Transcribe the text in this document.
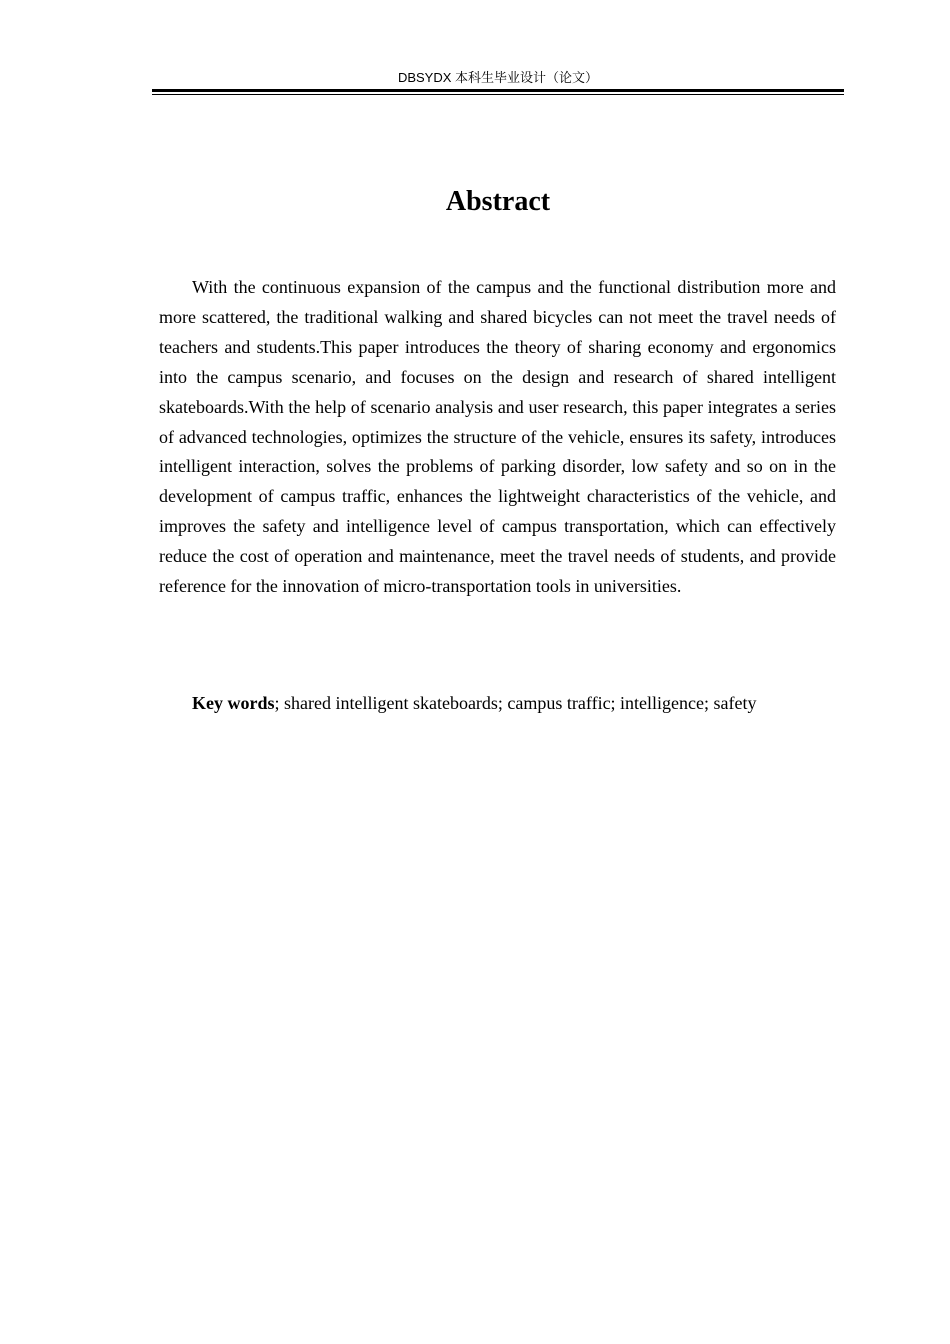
DBSYDX 本科生毕业设计（论文）
Abstract

With the continuous expansion of the campus and the functional distribution more and more scattered, the traditional walking and shared bicycles can not meet the travel needs of teachers and students.This paper introduces the theory of sharing economy and ergonomics into the campus scenario, and focuses on the design and research of shared intelligent skateboards.With the help of scenario analysis and user research, this paper integrates a series of advanced technologies, optimizes the structure of the vehicle, ensures its safety, introduces intelligent interaction, solves the problems of parking disorder, low safety and so on in the development of campus traffic, enhances the lightweight characteristics of the vehicle, and improves the safety and intelligence level of campus transportation, which can effectively reduce the cost of operation and maintenance, meet the travel needs of students, and provide reference for the innovation of micro-transportation tools in universities.

Key words; shared intelligent skateboards; campus traffic; intelligence; safety
